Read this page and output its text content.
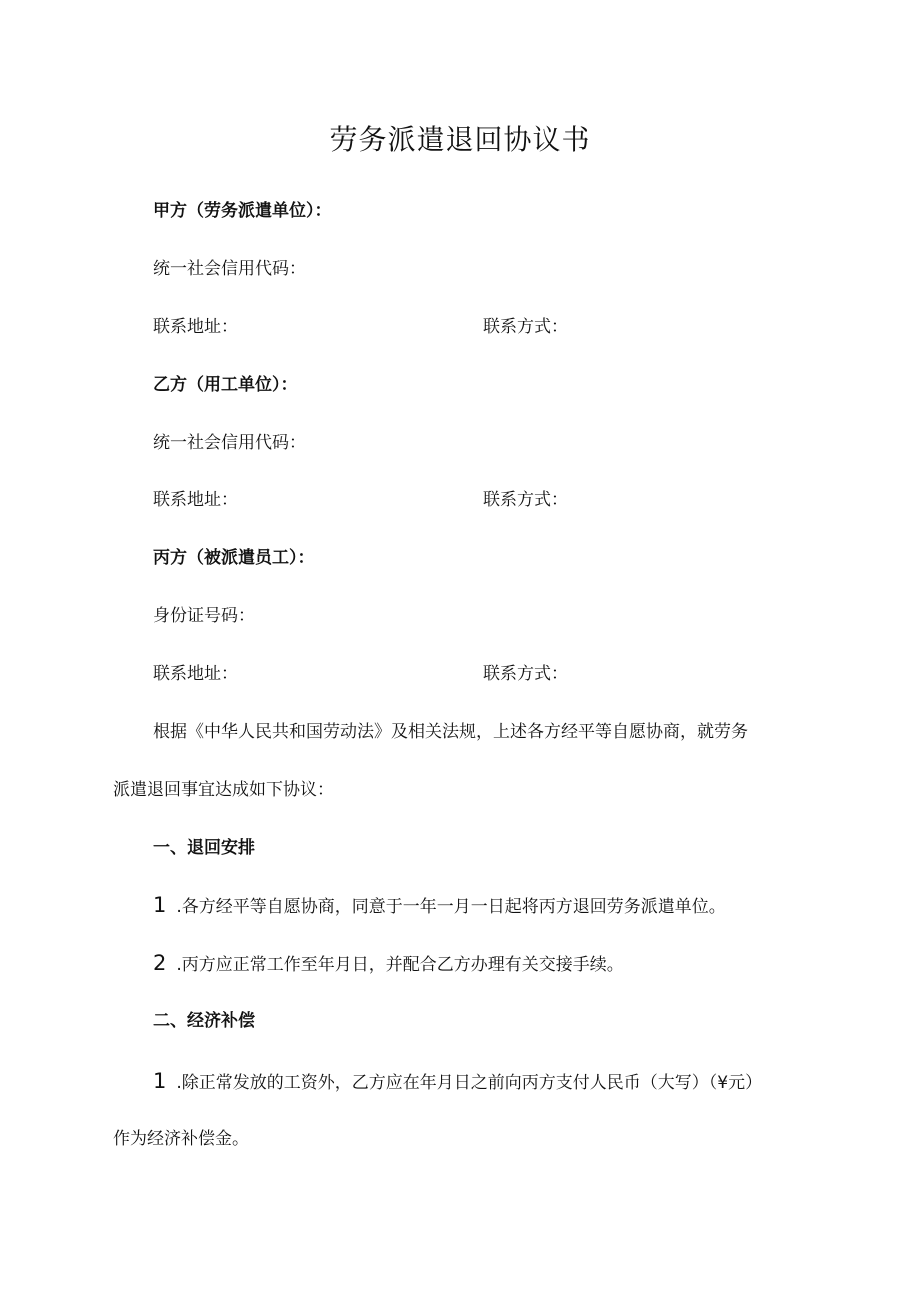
劳务派遣退回协议书
甲方（劳务派遣单位）：
统一社会信用代码：
联系地址：	联系方式：
乙方（用工单位）：
统一社会信用代码：
联系地址：	联系方式：
丙方（被派遣员工）：
身份证号码：
联系地址：	联系方式：
根据《中华人民共和国劳动法》及相关法规，上述各方经平等自愿协商，就劳务
派遣退回事宜达成如下协议：
一、退回安排
1 .各方经平等自愿协商，同意于一年一月一日起将丙方退回劳务派遣单位。
2 .丙方应正常工作至年月日，并配合乙方办理有关交接手续。
二、经济补偿
1 .除正常发放的工资外，乙方应在年月日之前向丙方支付人民币（大写）（¥元）
作为经济补偿金。
